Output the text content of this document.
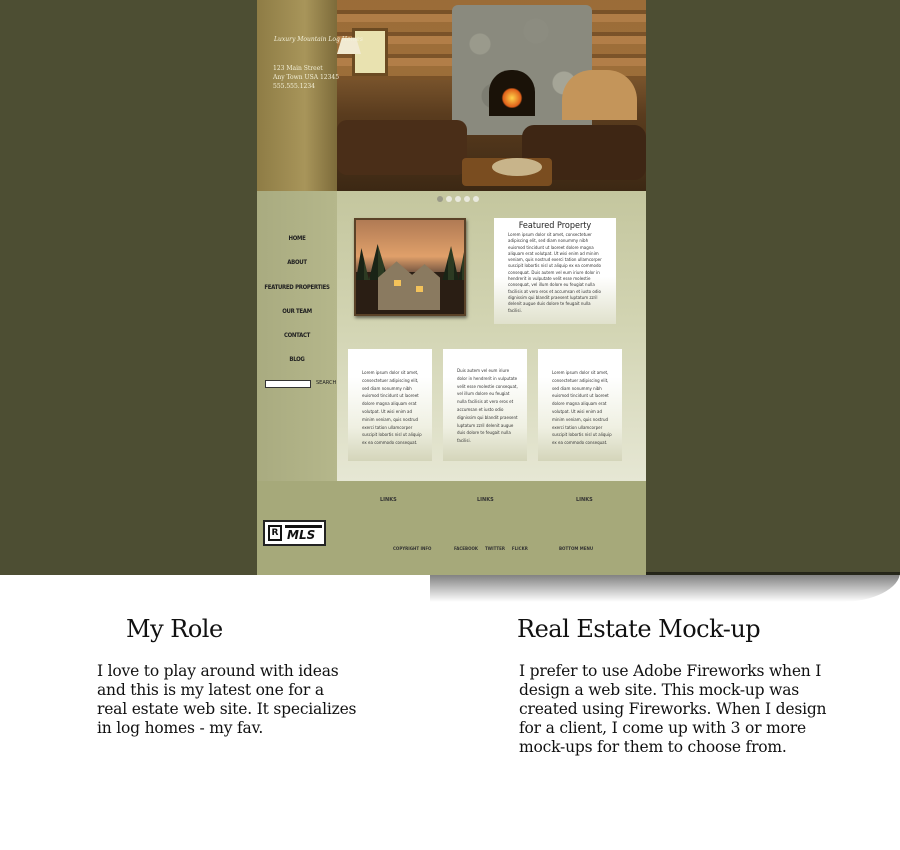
Luxury Mountain Log Homes
123 Main Street
Any Town USA 12345
555.555.1234
HOME
ABOUT
FEATURED PROPERTIES
OUR TEAM
CONTACT
BLOG
SEARCH
Featured Property
Lorem ipsum dolor sit amet, consectetuer adipiscing elit, sed diam nonummy nibh euismod tincidunt ut laoreet dolore magna aliquam erat volutpat. Ut wisi enim ad minim veniam, quis nostrud exerci tation ullamcorper suscipit lobortis nisl ut aliquip ex ea commodo consequat. Duis autem vel eum iriure dolor in hendrerit in vulputate velit esse molestie consequat, vel illum dolore eu feugiat nulla facilisis at vero eros et accumsan et iusto odio dignissim qui blandit praesent luptatum zzril delenit augue duis dolore te feugait nulla facilisi.
Lorem ipsum dolor sit amet, consectetuer adipiscing elit, sed diam nonummy nibh euismod tincidunt ut laoreet dolore magna aliquam erat volutpat. Ut wisi enim ad minim veniam, quis nostrud exerci tation ullamcorper suscipit lobortis nisl ut aliquip ex ea commodo consequat.
Duis autem vel eum iriure dolor in hendrerit in vulputate velit esse molestie consequat, vel illum dolore eu feugiat nulla facilisis at vero eros et accumsan et iusto odio dignissim qui blandit praesent luptatum zzril delenit augue duis dolore te feugait nulla facilisi.
Lorem ipsum dolor sit amet, consectetuer adipiscing elit, sed diam nonummy nibh euismod tincidunt ut laoreet dolore magna aliquam erat volutpat. Ut wisi enim ad minim veniam, quis nostrud exerci tation ullamcorper suscipit lobortis nisl ut aliquip ex ea commodo consequat.
LINKS	LINKS	LINKS
COPYRIGHT INFO	FACEBOOK     TWITTER     FLICKR	BOTTOM MENU
R MLS
My Role
I love to play around with ideas
and this is my latest one for a
real estate web site. It specializes
in log homes - my fav.
Real Estate Mock-up
I prefer to use Adobe Fireworks when I
design a web site. This mock-up was
created using Fireworks. When I design
for a client, I come up with 3 or more
mock-ups for them to choose from.
